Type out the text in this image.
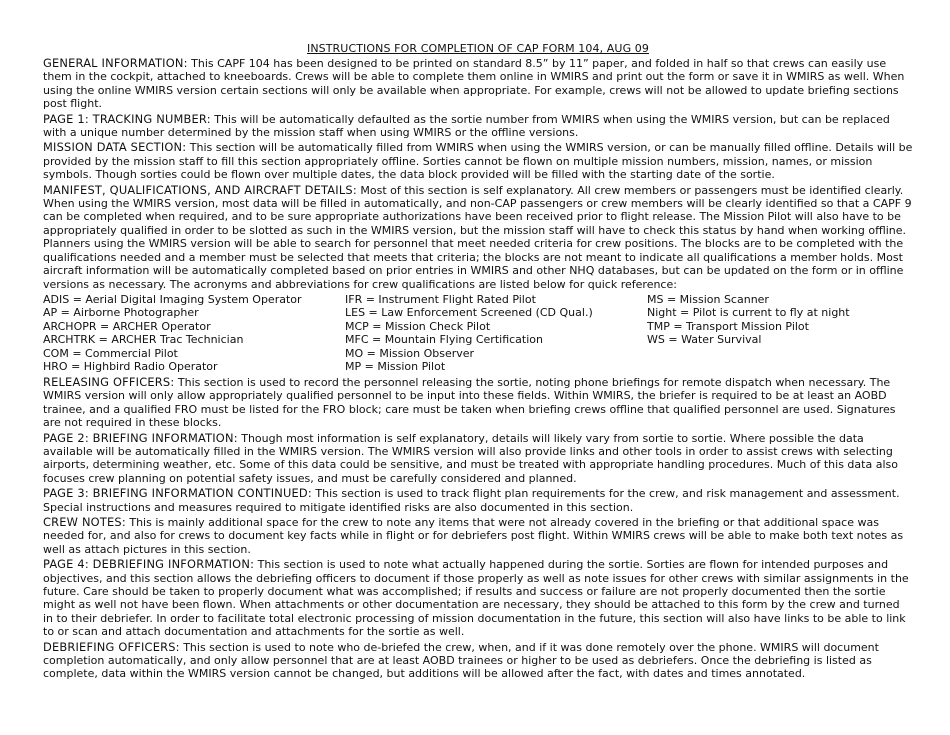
INSTRUCTIONS FOR COMPLETION OF CAP FORM 104, AUG 09
GENERAL INFORMATION: This CAPF 104 has been designed to be printed on standard 8.5” by 11” paper, and folded in half so that crews can easily use them in the cockpit, attached to kneeboards. Crews will be able to complete them online in WMIRS and print out the form or save it in WMIRS as well. When using the online WMIRS version certain sections will only be available when appropriate. For example, crews will not be allowed to update briefing sections post flight.
PAGE 1: TRACKING NUMBER: This will be automatically defaulted as the sortie number from WMIRS when using the WMIRS version, but can be replaced with a unique number determined by the mission staff when using WMIRS or the offline versions.
MISSION DATA SECTION: This section will be automatically filled from WMIRS when using the WMIRS version, or can be manually filled offline. Details will be provided by the mission staff to fill this section appropriately offline. Sorties cannot be flown on multiple mission numbers, mission, names, or mission symbols. Though sorties could be flown over multiple dates, the data block provided will be filled with the starting date of the sortie.
MANIFEST, QUALIFICATIONS, AND AIRCRAFT DETAILS: Most of this section is self explanatory. All crew members or passengers must be identified clearly. When using the WMIRS version, most data will be filled in automatically, and non-CAP passengers or crew members will be clearly identified so that a CAPF 9 can be completed when required, and to be sure appropriate authorizations have been received prior to flight release. The Mission Pilot will also have to be appropriately qualified in order to be slotted as such in the WMIRS version, but the mission staff will have to check this status by hand when working offline. Planners using the WMIRS version will be able to search for personnel that meet needed criteria for crew positions. The blocks are to be completed with the qualifications needed and a member must be selected that meets that criteria; the blocks are not meant to indicate all qualifications a member holds. Most aircraft information will be automatically completed based on prior entries in WMIRS and other NHQ databases, but can be updated on the form or in offline versions as necessary. The acronyms and abbreviations for crew qualifications are listed below for quick reference:
ADIS = Aerial Digital Imaging System Operator	IFR = Instrument Flight Rated Pilot	MS = Mission Scanner
AP = Airborne Photographer	LES = Law Enforcement Screened (CD Qual.)	Night = Pilot is current to fly at night
ARCHOPR = ARCHER Operator	MCP = Mission Check Pilot	TMP = Transport Mission Pilot
ARCHTRK = ARCHER Trac Technician	MFC = Mountain Flying Certification	WS = Water Survival
COM = Commercial Pilot	MO = Mission Observer
HRO = Highbird Radio Operator	MP = Mission Pilot
RELEASING OFFICERS: This section is used to record the personnel releasing the sortie, noting phone briefings for remote dispatch when necessary. The WMIRS version will only allow appropriately qualified personnel to be input into these fields. Within WMIRS, the briefer is required to be at least an AOBD trainee, and a qualified FRO must be listed for the FRO block; care must be taken when briefing crews offline that qualified personnel are used. Signatures are not required in these blocks.
PAGE 2: BRIEFING INFORMATION: Though most information is self explanatory, details will likely vary from sortie to sortie. Where possible the data available will be automatically filled in the WMIRS version. The WMIRS version will also provide links and other tools in order to assist crews with selecting airports, determining weather, etc. Some of this data could be sensitive, and must be treated with appropriate handling procedures. Much of this data also focuses crew planning on potential safety issues, and must be carefully considered and planned.
PAGE 3: BRIEFING INFORMATION CONTINUED: This section is used to track flight plan requirements for the crew, and risk management and assessment. Special instructions and measures required to mitigate identified risks are also documented in this section.
CREW NOTES: This is mainly additional space for the crew to note any items that were not already covered in the briefing or that additional space was needed for, and also for crews to document key facts while in flight or for debriefers post flight. Within WMIRS crews will be able to make both text notes as well as attach pictures in this section.
PAGE 4: DEBRIEFING INFORMATION: This section is used to note what actually happened during the sortie. Sorties are flown for intended purposes and objectives, and this section allows the debriefing officers to document if those properly as well as note issues for other crews with similar assignments in the future. Care should be taken to properly document what was accomplished; if results and success or failure are not properly documented then the sortie might as well not have been flown. When attachments or other documentation are necessary, they should be attached to this form by the crew and turned in to their debriefer. In order to facilitate total electronic processing of mission documentation in the future, this section will also have links to be able to link to or scan and attach documentation and attachments for the sortie as well.
DEBRIEFING OFFICERS: This section is used to note who de-briefed the crew, when, and if it was done remotely over the phone. WMIRS will document completion automatically, and only allow personnel that are at least AOBD trainees or higher to be used as debriefers. Once the debriefing is listed as complete, data within the WMIRS version cannot be changed, but additions will be allowed after the fact, with dates and times annotated.
